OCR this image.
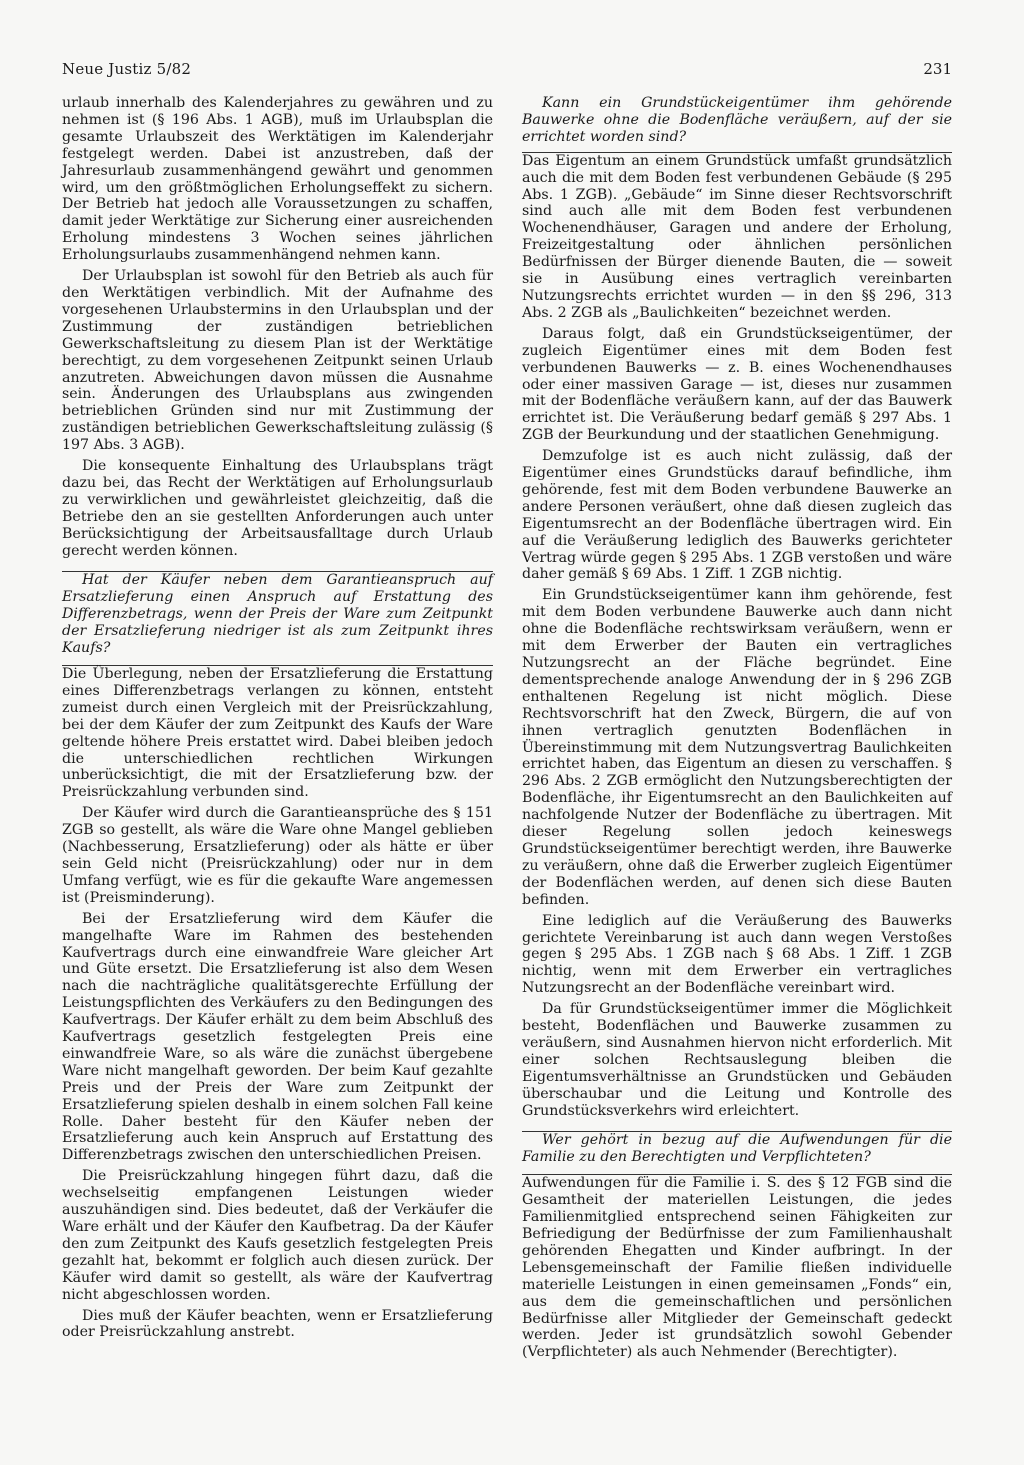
Neue Justiz 5/82	231

urlaub innerhalb des Kalenderjahres zu gewähren und zu nehmen ist (§ 196 Abs. 1 AGB), muß im Urlaubsplan die gesamte Urlaubszeit des Werktätigen im Kalenderjahr festgelegt werden. Dabei ist anzustreben, daß der Jahresurlaub zusammenhängend gewährt und genommen wird, um den größtmöglichen Erholungseffekt zu sichern. Der Betrieb hat jedoch alle Voraussetzungen zu schaffen, damit jeder Werktätige zur Sicherung einer ausreichenden Erholung mindestens 3 Wochen seines jährlichen Erholungsurlaubs zusammenhängend nehmen kann.

Der Urlaubsplan ist sowohl für den Betrieb als auch für den Werktätigen verbindlich. Mit der Aufnahme des vorgesehenen Urlaubstermins in den Urlaubsplan und der Zustimmung der zuständigen betrieblichen Gewerkschaftsleitung zu diesem Plan ist der Werktätige berechtigt, zu dem vorgesehenen Zeitpunkt seinen Urlaub anzutreten. Abweichungen davon müssen die Ausnahme sein. Änderungen des Urlaubsplans aus zwingenden betrieblichen Gründen sind nur mit Zustimmung der zuständigen betrieblichen Gewerkschaftsleitung zulässig (§ 197 Abs. 3 AGB).

Die konsequente Einhaltung des Urlaubsplans trägt dazu bei, das Recht der Werktätigen auf Erholungsurlaub zu verwirklichen und gewährleistet gleichzeitig, daß die Betriebe den an sie gestellten Anforderungen auch unter Berücksichtigung der Arbeitsausfalltage durch Urlaub gerecht werden können.

Hat der Käufer neben dem Garantieanspruch auf Ersatzlieferung einen Anspruch auf Erstattung des Differenzbetrags, wenn der Preis der Ware zum Zeitpunkt der Ersatzlieferung niedriger ist als zum Zeitpunkt ihres Kaufs?

Die Überlegung, neben der Ersatzlieferung die Erstattung eines Differenzbetrags verlangen zu können, entsteht zumeist durch einen Vergleich mit der Preisrückzahlung, bei der dem Käufer der zum Zeitpunkt des Kaufs der Ware geltende höhere Preis erstattet wird. Dabei bleiben jedoch die unterschiedlichen rechtlichen Wirkungen unberücksichtigt, die mit der Ersatzlieferung bzw. der Preisrückzahlung verbunden sind.

Der Käufer wird durch die Garantieansprüche des § 151 ZGB so gestellt, als wäre die Ware ohne Mangel geblieben (Nachbesserung, Ersatzlieferung) oder als hätte er über sein Geld nicht (Preisrückzahlung) oder nur in dem Umfang verfügt, wie es für die gekaufte Ware angemessen ist (Preisminderung).

Bei der Ersatzlieferung wird dem Käufer die mangelhafte Ware im Rahmen des bestehenden Kaufvertrags durch eine einwandfreie Ware gleicher Art und Güte ersetzt. Die Ersatzlieferung ist also dem Wesen nach die nachträgliche qualitätsgerechte Erfüllung der Leistungspflichten des Verkäufers zu den Bedingungen des Kaufvertrags. Der Käufer erhält zu dem beim Abschluß des Kaufvertrags gesetzlich festgelegten Preis eine einwandfreie Ware, so als wäre die zunächst übergebene Ware nicht mangelhaft geworden. Der beim Kauf gezahlte Preis und der Preis der Ware zum Zeitpunkt der Ersatzlieferung spielen deshalb in einem solchen Fall keine Rolle. Daher besteht für den Käufer neben der Ersatzlieferung auch kein Anspruch auf Erstattung des Differenzbetrags zwischen den unterschiedlichen Preisen.

Die Preisrückzahlung hingegen führt dazu, daß die wechselseitig empfangenen Leistungen wieder auszuhändigen sind. Dies bedeutet, daß der Verkäufer die Ware erhält und der Käufer den Kaufbetrag. Da der Käufer den zum Zeitpunkt des Kaufs gesetzlich festgelegten Preis gezahlt hat, bekommt er folglich auch diesen zurück. Der Käufer wird damit so gestellt, als wäre der Kaufvertrag nicht abgeschlossen worden.

Dies muß der Käufer beachten, wenn er Ersatzlieferung oder Preisrückzahlung anstrebt.

Kann ein Grundstückeigentümer ihm gehörende Bauwerke ohne die Bodenfläche veräußern, auf der sie errichtet worden sind?

Das Eigentum an einem Grundstück umfaßt grundsätzlich auch die mit dem Boden fest verbundenen Gebäude (§ 295 Abs. 1 ZGB). „Gebäude“ im Sinne dieser Rechtsvorschrift sind auch alle mit dem Boden fest verbundenen Wochenendhäuser, Garagen und andere der Erholung, Freizeitgestaltung oder ähnlichen persönlichen Bedürfnissen der Bürger dienende Bauten, die — soweit sie in Ausübung eines vertraglich vereinbarten Nutzungsrechts errichtet wurden — in den §§ 296, 313 Abs. 2 ZGB als „Baulichkeiten“ bezeichnet werden.

Daraus folgt, daß ein Grundstückseigentümer, der zugleich Eigentümer eines mit dem Boden fest verbundenen Bauwerks — z. B. eines Wochenendhauses oder einer massiven Garage — ist, dieses nur zusammen mit der Bodenfläche veräußern kann, auf der das Bauwerk errichtet ist. Die Veräußerung bedarf gemäß § 297 Abs. 1 ZGB der Beurkundung und der staatlichen Genehmigung.

Demzufolge ist es auch nicht zulässig, daß der Eigentümer eines Grundstücks darauf befindliche, ihm gehörende, fest mit dem Boden verbundene Bauwerke an andere Personen veräußert, ohne daß diesen zugleich das Eigentumsrecht an der Bodenfläche übertragen wird. Ein auf die Veräußerung lediglich des Bauwerks gerichteter Vertrag würde gegen § 295 Abs. 1 ZGB verstoßen und wäre daher gemäß § 69 Abs. 1 Ziff. 1 ZGB nichtig.

Ein Grundstückseigentümer kann ihm gehörende, fest mit dem Boden verbundene Bauwerke auch dann nicht ohne die Bodenfläche rechtswirksam veräußern, wenn er mit dem Erwerber der Bauten ein vertragliches Nutzungsrecht an der Fläche begründet. Eine dementsprechende analoge Anwendung der in § 296 ZGB enthaltenen Regelung ist nicht möglich. Diese Rechtsvorschrift hat den Zweck, Bürgern, die auf von ihnen vertraglich genutzten Bodenflächen in Übereinstimmung mit dem Nutzungsvertrag Baulichkeiten errichtet haben, das Eigentum an diesen zu verschaffen. § 296 Abs. 2 ZGB ermöglicht den Nutzungsberechtigten der Bodenfläche, ihr Eigentumsrecht an den Baulichkeiten auf nachfolgende Nutzer der Bodenfläche zu übertragen. Mit dieser Regelung sollen jedoch keineswegs Grundstückseigentümer berechtigt werden, ihre Bauwerke zu veräußern, ohne daß die Erwerber zugleich Eigentümer der Bodenflächen werden, auf denen sich diese Bauten befinden.

Eine lediglich auf die Veräußerung des Bauwerks gerichtete Vereinbarung ist auch dann wegen Verstoßes gegen § 295 Abs. 1 ZGB nach § 68 Abs. 1 Ziff. 1 ZGB nichtig, wenn mit dem Erwerber ein vertragliches Nutzungsrecht an der Bodenfläche vereinbart wird.

Da für Grundstückseigentümer immer die Möglichkeit besteht, Bodenflächen und Bauwerke zusammen zu veräußern, sind Ausnahmen hiervon nicht erforderlich. Mit einer solchen Rechtsauslegung bleiben die Eigentumsverhältnisse an Grundstücken und Gebäuden überschaubar und die Leitung und Kontrolle des Grundstücksverkehrs wird erleichtert.

Wer gehört in bezug auf die Aufwendungen für die Familie zu den Berechtigten und Verpflichteten?

Aufwendungen für die Familie i. S. des § 12 FGB sind die Gesamtheit der materiellen Leistungen, die jedes Familienmitglied entsprechend seinen Fähigkeiten zur Befriedigung der Bedürfnisse der zum Familienhaushalt gehörenden Ehegatten und Kinder aufbringt. In der Lebensgemeinschaft der Familie fließen individuelle materielle Leistungen in einen gemeinsamen „Fonds“ ein, aus dem die gemeinschaftlichen und persönlichen Bedürfnisse aller Mitglieder der Gemeinschaft gedeckt werden. Jeder ist grundsätzlich sowohl Gebender (Verpflichteter) als auch Nehmender (Berechtigter).
